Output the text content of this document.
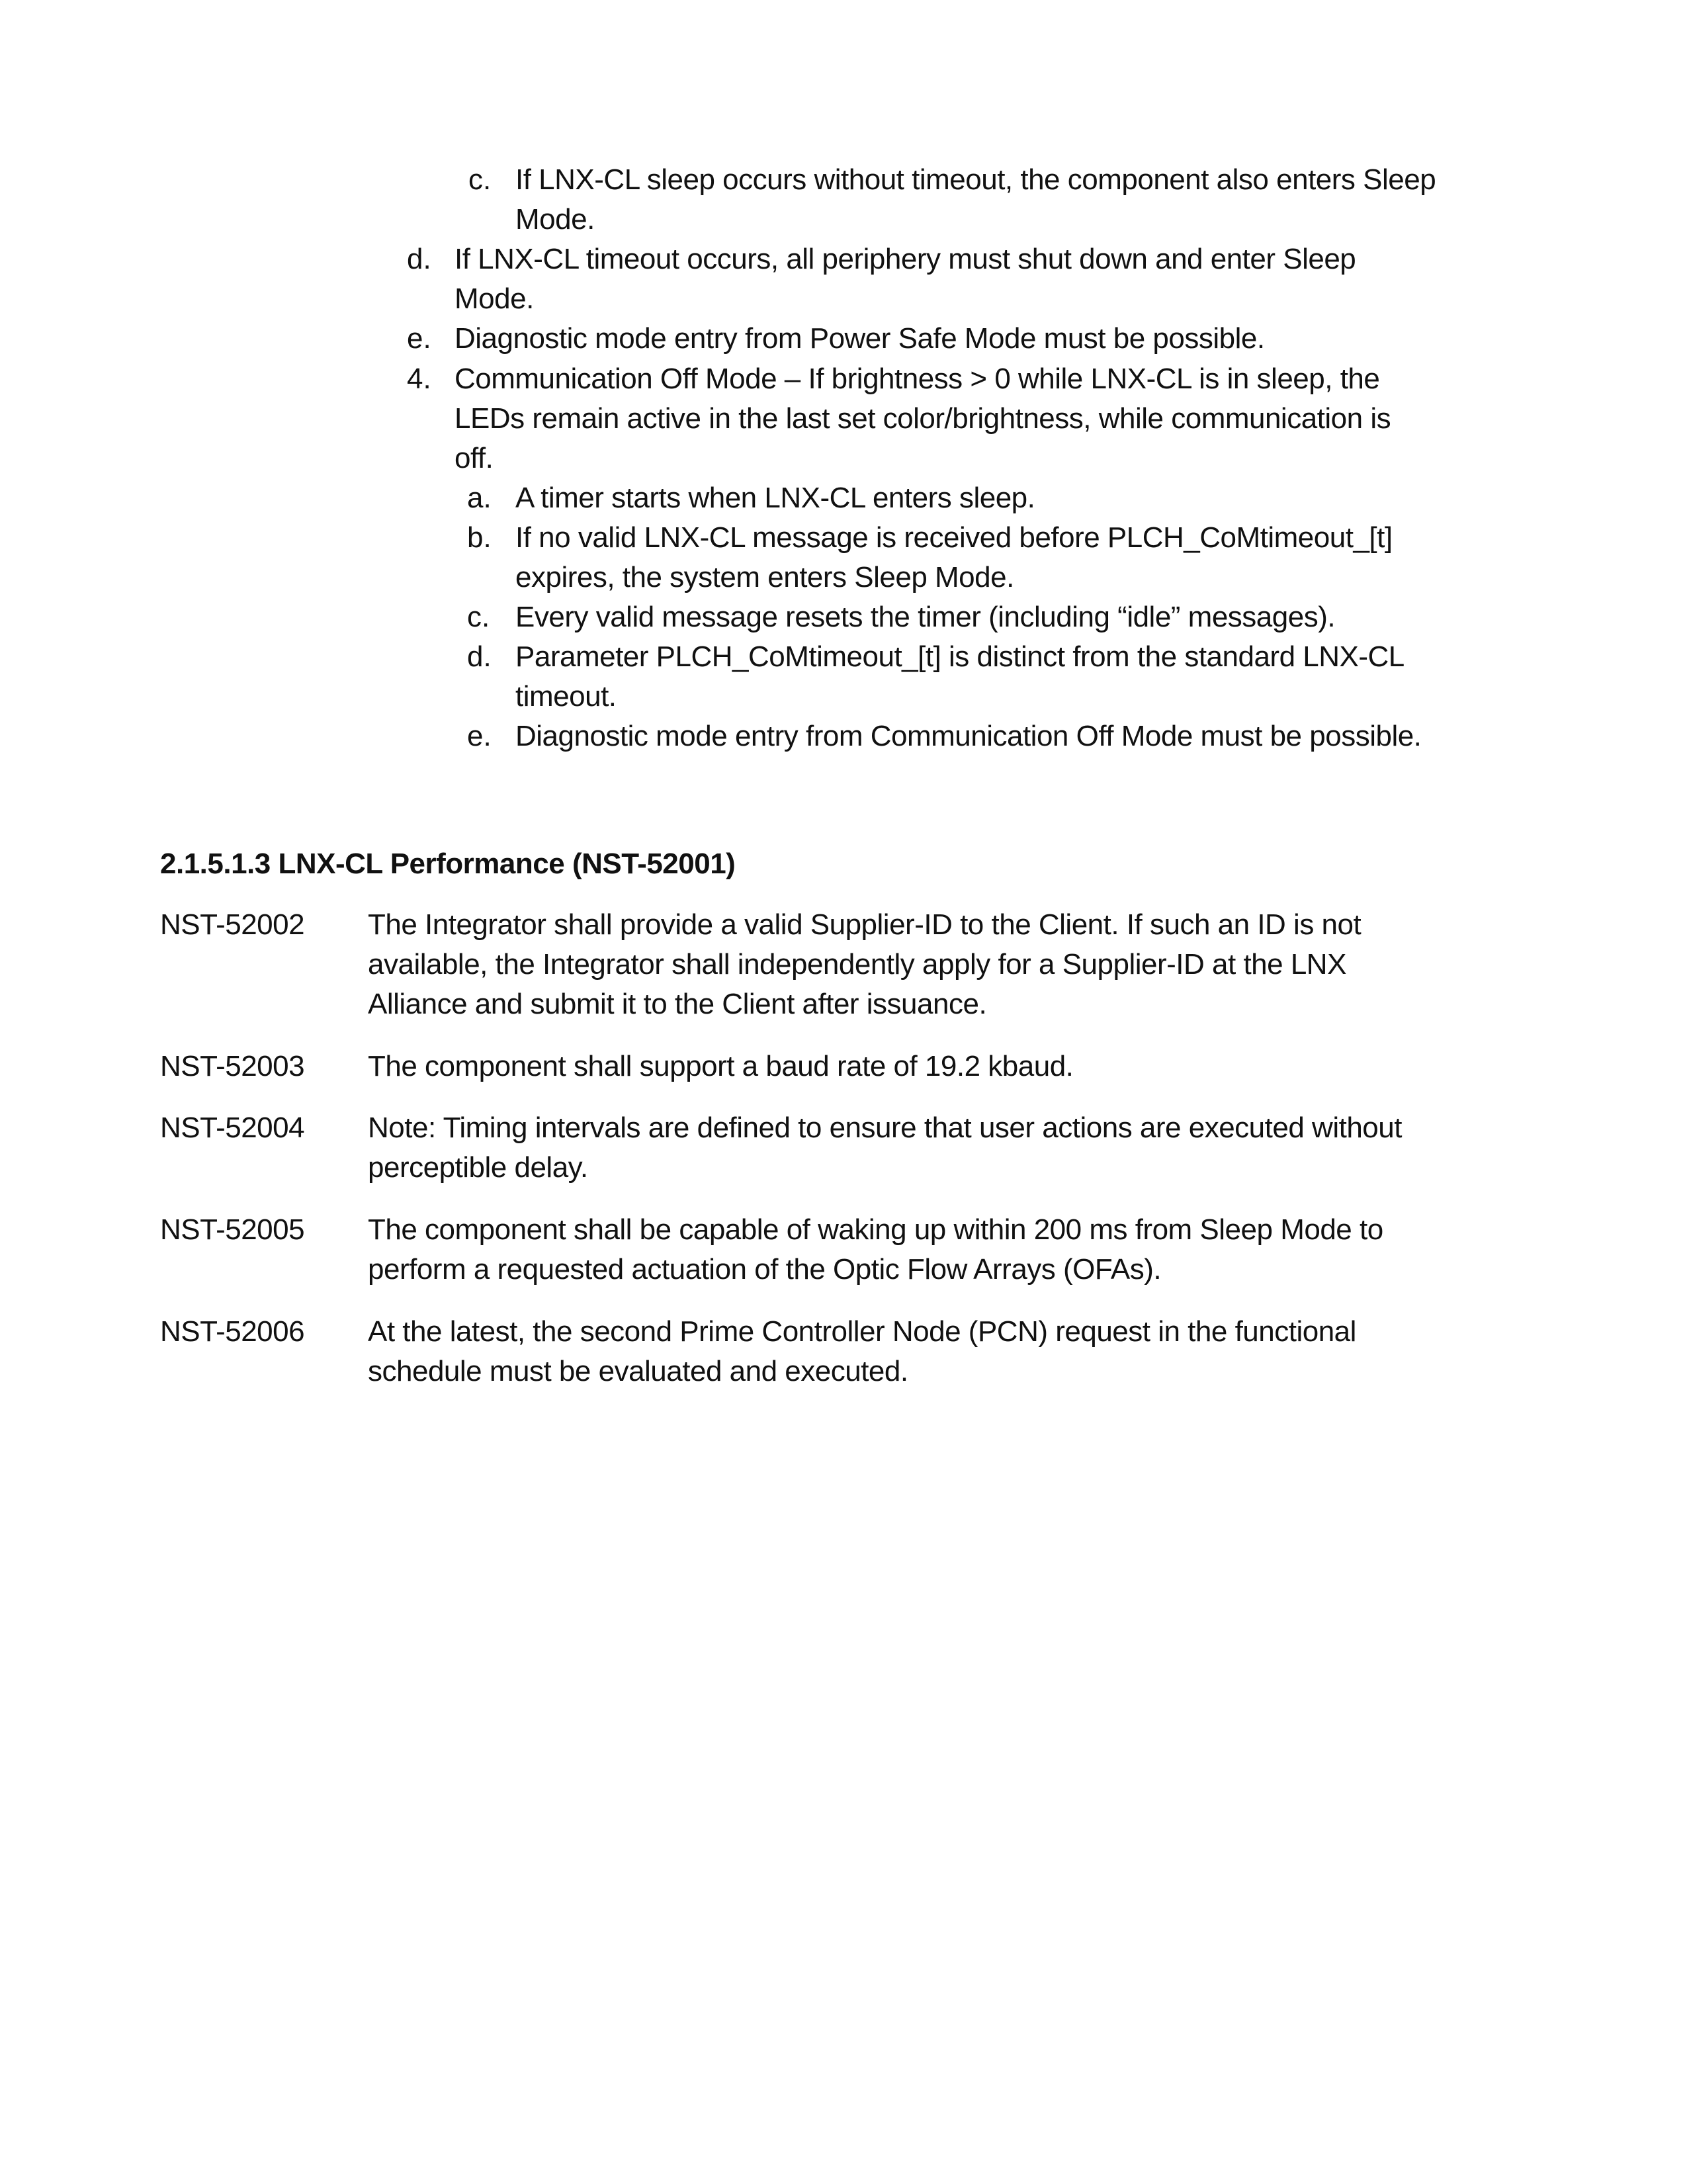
c. If LNX-CL sleep occurs without timeout, the component also enters Sleep
Mode.
d. If LNX-CL timeout occurs, all periphery must shut down and enter Sleep
Mode.
e. Diagnostic mode entry from Power Safe Mode must be possible.
4. Communication Off Mode – If brightness > 0 while LNX-CL is in sleep, the
LEDs remain active in the last set color/brightness, while communication is
off.
a. A timer starts when LNX-CL enters sleep.
b. If no valid LNX-CL message is received before PLCH_CoMtimeout_[t]
expires, the system enters Sleep Mode.
c. Every valid message resets the timer (including “idle” messages).
d. Parameter PLCH_CoMtimeout_[t] is distinct from the standard LNX-CL
timeout.
e. Diagnostic mode entry from Communication Off Mode must be possible.
2.1.5.1.3 LNX-CL Performance (NST-52001)
NST-52002 The Integrator shall provide a valid Supplier-ID to the Client. If such an ID is not
available, the Integrator shall independently apply for a Supplier-ID at the LNX
Alliance and submit it to the Client after issuance.
NST-52003 The component shall support a baud rate of 19.2 kbaud.
NST-52004 Note: Timing intervals are defined to ensure that user actions are executed without
perceptible delay.
NST-52005 The component shall be capable of waking up within 200 ms from Sleep Mode to
perform a requested actuation of the Optic Flow Arrays (OFAs).
NST-52006 At the latest, the second Prime Controller Node (PCN) request in the functional
schedule must be evaluated and executed.
